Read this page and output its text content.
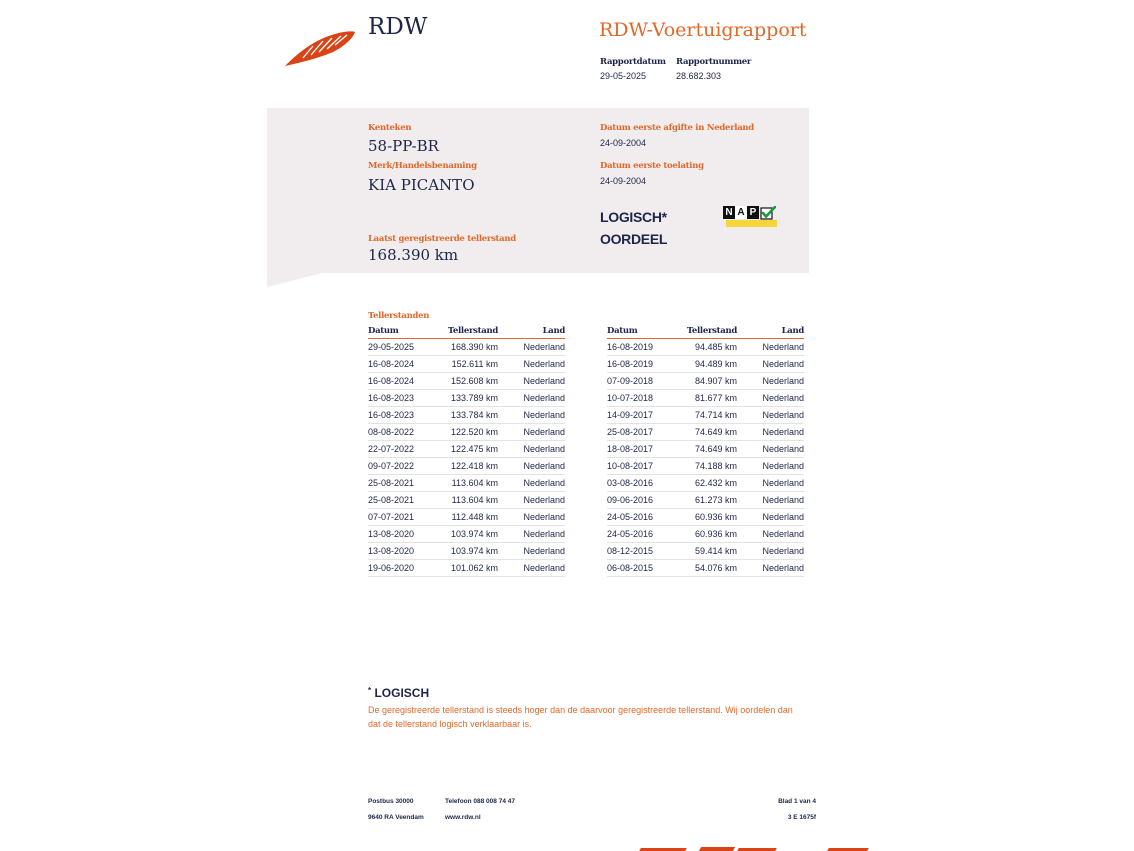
RDW	RDW-Voertuigrapport
Rapportdatum
29-05-2025
Rapportnummer
28.682.303
Kenteken
58-PP-BR
Merk/Handelsbenaming
KIA PICANTO
Laatst geregistreerde tellerstand
168.390 km
Datum eerste afgifte in Nederland
24-09-2004
Datum eerste toelating
24-09-2004
LOGISCH*
OORDEEL
N A P
Tellerstanden
Datum	Tellerstand	Land
29-05-2025	168.390 km	Nederland
16-08-2024	152.611 km	Nederland
16-08-2024	152.608 km	Nederland
16-08-2023	133.789 km	Nederland
16-08-2023	133.784 km	Nederland
08-08-2022	122.520 km	Nederland
22-07-2022	122.475 km	Nederland
09-07-2022	122.418 km	Nederland
25-08-2021	113.604 km	Nederland
25-08-2021	113.604 km	Nederland
07-07-2021	112.448 km	Nederland
13-08-2020	103.974 km	Nederland
13-08-2020	103.974 km	Nederland
19-06-2020	101.062 km	Nederland
Datum	Tellerstand	Land
16-08-2019	94.485 km	Nederland
16-08-2019	94.489 km	Nederland
07-09-2018	84.907 km	Nederland
10-07-2018	81.677 km	Nederland
14-09-2017	74.714 km	Nederland
25-08-2017	74.649 km	Nederland
18-08-2017	74.649 km	Nederland
10-08-2017	74.188 km	Nederland
03-08-2016	62.432 km	Nederland
09-06-2016	61.273 km	Nederland
24-05-2016	60.936 km	Nederland
24-05-2016	60.936 km	Nederland
08-12-2015	59.414 km	Nederland
06-08-2015	54.076 km	Nederland
* LOGISCH
De geregistreerde tellerstand is steeds hoger dan de daarvoor geregistreerde tellerstand. Wij oordelen dan
dat de tellerstand logisch verklaarbaar is.
Postbus 30000
9640 RA Veendam
Telefoon 088 008 74 47
www.rdw.nl
Blad 1 van 4
3 E 1675f
